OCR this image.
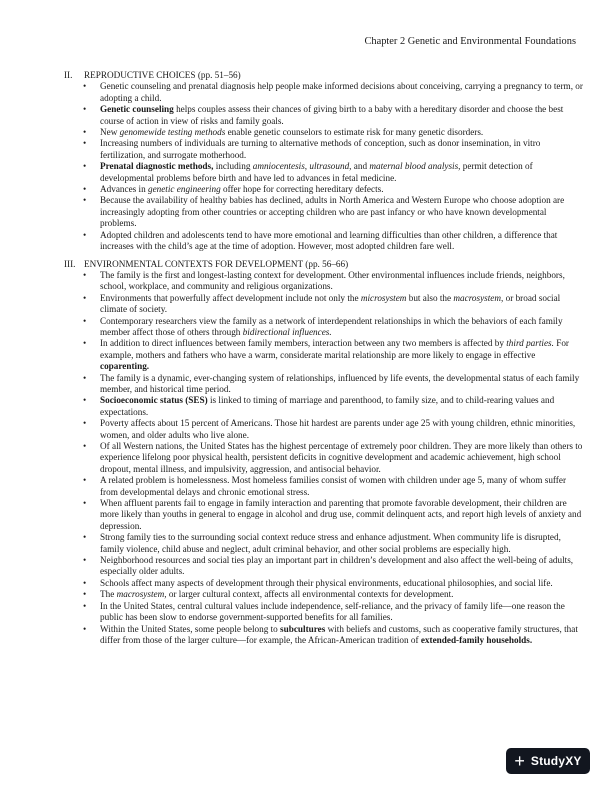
Chapter 2 Genetic and Environmental Foundations
II. REPRODUCTIVE CHOICES (pp. 51–56)
• Genetic counseling and prenatal diagnosis help people make informed decisions about conceiving, carrying a pregnancy to term, or adopting a child.
• Genetic counseling helps couples assess their chances of giving birth to a baby with a hereditary disorder and choose the best course of action in view of risks and family goals.
• New genomewide testing methods enable genetic counselors to estimate risk for many genetic disorders.
• Increasing numbers of individuals are turning to alternative methods of conception, such as donor insemination, in vitro fertilization, and surrogate motherhood.
• Prenatal diagnostic methods, including amniocentesis, ultrasound, and maternal blood analysis, permit detection of developmental problems before birth and have led to advances in fetal medicine.
• Advances in genetic engineering offer hope for correcting hereditary defects.
• Because the availability of healthy babies has declined, adults in North America and Western Europe who choose adoption are increasingly adopting from other countries or accepting children who are past infancy or who have known developmental problems.
• Adopted children and adolescents tend to have more emotional and learning difficulties than other children, a difference that increases with the child’s age at the time of adoption. However, most adopted children fare well.
III. ENVIRONMENTAL CONTEXTS FOR DEVELOPMENT (pp. 56–66)
• The family is the first and longest-lasting context for development. Other environmental influences include friends, neighbors, school, workplace, and community and religious organizations.
• Environments that powerfully affect development include not only the microsystem but also the macrosystem, or broad social climate of society.
• Contemporary researchers view the family as a network of interdependent relationships in which the behaviors of each family member affect those of others through bidirectional influences.
• In addition to direct influences between family members, interaction between any two members is affected by third parties. For example, mothers and fathers who have a warm, considerate marital relationship are more likely to engage in effective coparenting.
• The family is a dynamic, ever-changing system of relationships, influenced by life events, the developmental status of each family member, and historical time period.
• Socioeconomic status (SES) is linked to timing of marriage and parenthood, to family size, and to child-rearing values and expectations.
• Poverty affects about 15 percent of Americans. Those hit hardest are parents under age 25 with young children, ethnic minorities, women, and older adults who live alone.
• Of all Western nations, the United States has the highest percentage of extremely poor children. They are more likely than others to experience lifelong poor physical health, persistent deficits in cognitive development and academic achievement, high school dropout, mental illness, and impulsivity, aggression, and antisocial behavior.
• A related problem is homelessness. Most homeless families consist of women with children under age 5, many of whom suffer from developmental delays and chronic emotional stress.
• When affluent parents fail to engage in family interaction and parenting that promote favorable development, their children are more likely than youths in general to engage in alcohol and drug use, commit delinquent acts, and report high levels of anxiety and depression.
• Strong family ties to the surrounding social context reduce stress and enhance adjustment. When community life is disrupted, family violence, child abuse and neglect, adult criminal behavior, and other social problems are especially high.
• Neighborhood resources and social ties play an important part in children’s development and also affect the well-being of adults, especially older adults.
• Schools affect many aspects of development through their physical environments, educational philosophies, and social life.
• The macrosystem, or larger cultural context, affects all environmental contexts for development.
• In the United States, central cultural values include independence, self-reliance, and the privacy of family life—one reason the public has been slow to endorse government-supported benefits for all families.
• Within the United States, some people belong to subcultures with beliefs and customs, such as cooperative family structures, that differ from those of the larger culture—for example, the African-American tradition of extended-family households.
+ StudyXY
